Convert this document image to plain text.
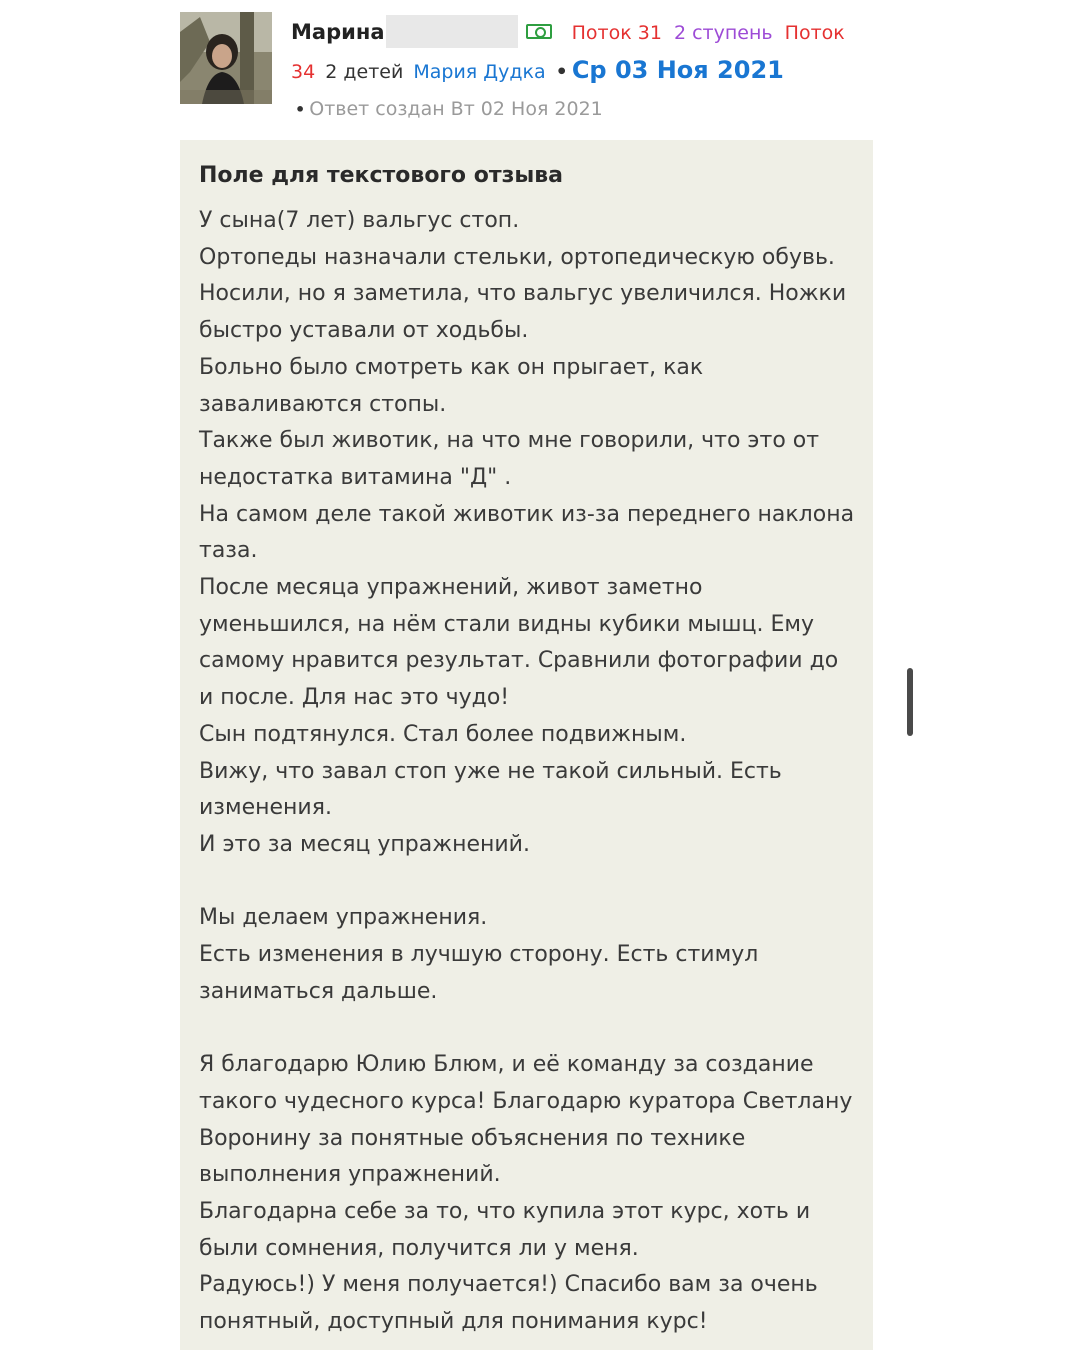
Марина	Поток 31 2 ступень Поток
34 2 детей Мария Дудка • Ср 03 Ноя 2021 • Ответ создан Вт 02 Ноя 2021
Поле для текстового отзыва
У сына(7 лет) вальгус стоп.
Ортопеды назначали стельки, ортопедическую обувь.
Носили, но я заметила, что вальгус увеличился. Ножки быстро уставали от ходьбы.
Больно было смотреть как он прыгает, как заваливаются стопы.
Также был животик, на что мне говорили, что это от недостатка витамина "Д" .
На самом деле такой животик из-за переднего наклона таза.
После месяца упражнений, живот заметно уменьшился, на нём стали видны кубики мышц. Ему самому нравится результат. Сравнили фотографии до и после. Для нас это чудо!
Сын подтянулся. Стал более подвижным.
Вижу, что завал стоп уже не такой сильный. Есть изменения.
И это за месяц упражнений.

Мы делаем упражнения.
Есть изменения в лучшую сторону. Есть стимул заниматься дальше.

Я благодарю Юлию Блюм, и её команду за создание такого чудесного курса! Благодарю куратора Светлану Воронину за понятные объяснения по технике выполнения упражнений.
Благодарна себе за то, что купила этот курс, хоть и были сомнения, получится ли у меня.
Радуюсь!) У меня получается!) Спасибо вам за очень понятный, доступный для понимания курс!
